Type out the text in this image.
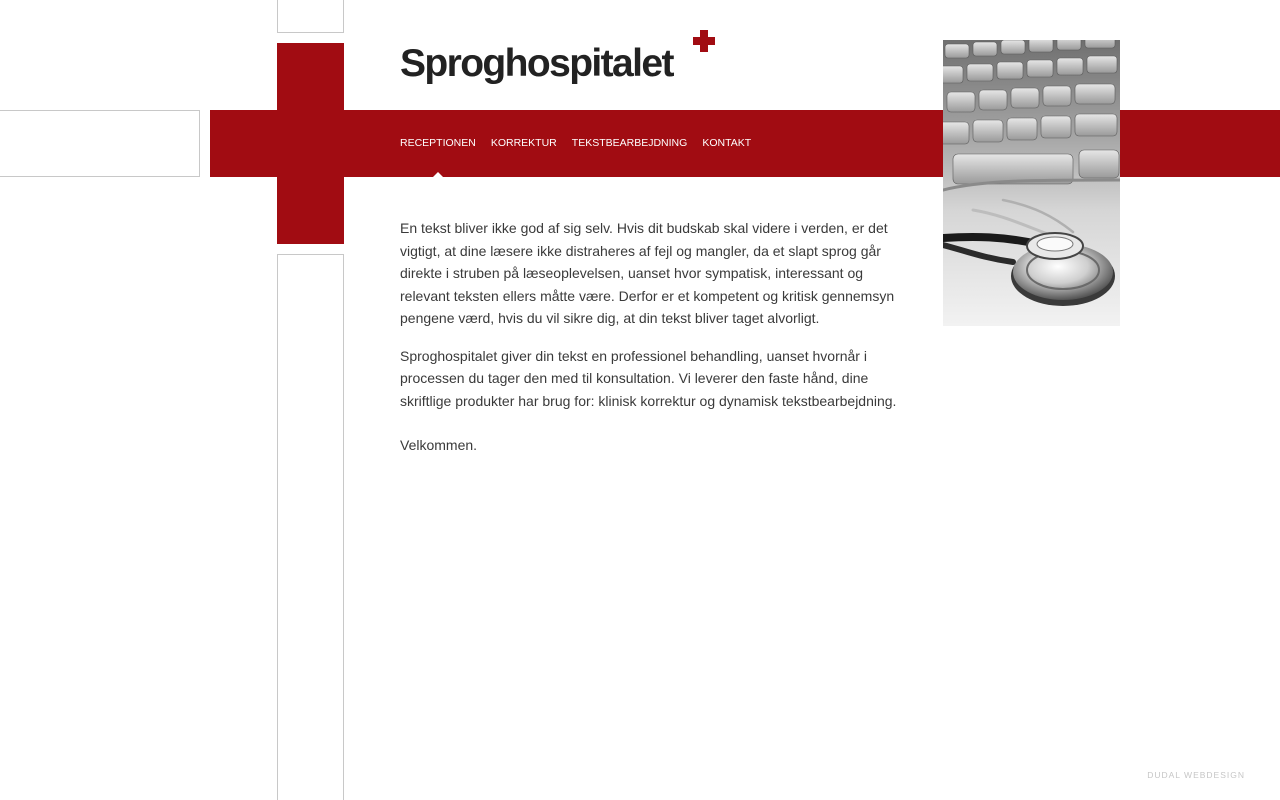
Sproghospitalet
RECEPTIONEN KORREKTUR TEKSTBEARBEJDNING KONTAKT

En tekst bliver ikke god af sig selv. Hvis dit budskab skal videre i verden, er det vigtigt, at dine læsere ikke distraheres af fejl og mangler, da et slapt sprog går direkte i struben på læseoplevelsen, uanset hvor sympatisk, interessant og relevant teksten ellers måtte være. Derfor er et kompetent og kritisk gennemsyn pengene værd, hvis du vil sikre dig, at din tekst bliver taget alvorligt.

Sproghospitalet giver din tekst en professionel behandling, uanset hvornår i processen du tager den med til konsultation. Vi leverer den faste hånd, dine skriftlige produkter har brug for: klinisk korrektur og dynamisk tekstbearbejdning.

Velkommen.

DUDAL WEBDESIGN
